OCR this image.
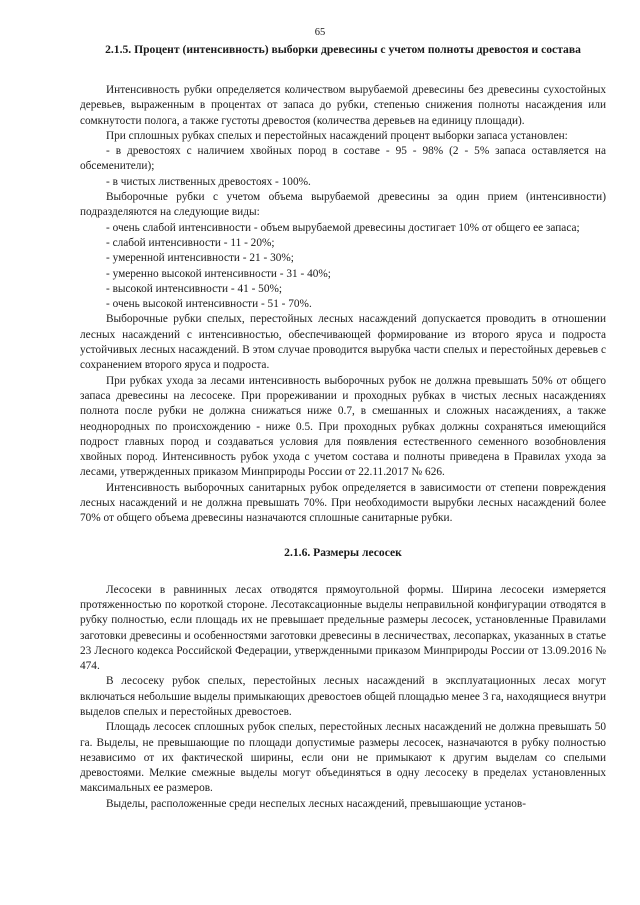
65
2.1.5. Процент (интенсивность) выборки древесины с учетом полноты древостоя и состава

Интенсивность рубки определяется количеством вырубаемой древесины без древесины сухостойных деревьев, выраженным в процентах от запаса до рубки, степенью снижения полноты насаждения или сомкнутости полога, а также густоты древостоя (количества деревьев на единицу площади).

При сплошных рубках спелых и перестойных насаждений процент выборки запаса установлен:

- в древостоях с наличием хвойных пород в составе - 95 - 98% (2 - 5% запаса оставляется на обсеменители);

- в чистых лиственных древостоях - 100%.

Выборочные рубки с учетом объема вырубаемой древесины за один прием (интенсивности) подразделяются на следующие виды:

- очень слабой интенсивности - объем вырубаемой древесины достигает 10% от общего ее запаса;

- слабой интенсивности - 11 - 20%;

- умеренной интенсивности - 21 - 30%;

- умеренно высокой интенсивности - 31 - 40%;

- высокой интенсивности - 41 - 50%;

- очень высокой интенсивности - 51 - 70%.

Выборочные рубки спелых, перестойных лесных насаждений допускается проводить в отношении лесных насаждений с интенсивностью, обеспечивающей формирование из второго яруса и подроста устойчивых лесных насаждений. В этом случае проводится вырубка части спелых и перестойных деревьев с сохранением второго яруса и подроста.

При рубках ухода за лесами интенсивность выборочных рубок не должна превышать 50% от общего запаса древесины на лесосеке. При прореживании и проходных рубках в чистых лесных насаждениях полнота после рубки не должна снижаться ниже 0.7, в смешанных и сложных насаждениях, а также неоднородных по происхождению - ниже 0.5. При проходных рубках должны сохраняться имеющийся подрост главных пород и создаваться условия для появления естественного семенного возобновления хвойных пород. Интенсивность рубок ухода с учетом состава и полноты приведена в Правилах ухода за лесами, утвержденных приказом Минприроды России от 22.11.2017 № 626.

Интенсивность выборочных санитарных рубок определяется в зависимости от степени повреждения лесных насаждений и не должна превышать 70%. При необходимости вырубки лесных насаждений более 70% от общего объема древесины назначаются сплошные санитарные рубки.

2.1.6. Размеры лесосек

Лесосеки в равнинных лесах отводятся прямоугольной формы. Ширина лесосеки измеряется протяженностью по короткой стороне. Лесотаксационные выделы неправильной конфигурации отводятся в рубку полностью, если площадь их не превышает предельные размеры лесосек, установленные Правилами заготовки древесины и особенностями заготовки древесины в лесничествах, лесопарках, указанных в статье 23 Лесного кодекса Российской Федерации, утвержденными приказом Минприроды России от 13.09.2016 № 474.

В лесосеку рубок спелых, перестойных лесных насаждений в эксплуатационных лесах могут включаться небольшие выделы примыкающих древостоев общей площадью менее 3 га, находящиеся внутри выделов спелых и перестойных древостоев.

Площадь лесосек сплошных рубок спелых, перестойных лесных насаждений не должна превышать 50 га. Выделы, не превышающие по площади допустимые размеры лесосек, назначаются в рубку полностью независимо от их фактической ширины, если они не примыкают к другим выделам со спелыми древостоями. Мелкие смежные выделы могут объединяться в одну лесосеку в пределах установленных максимальных ее размеров.

Выделы, расположенные среди неспелых лесных насаждений, превышающие установ-
